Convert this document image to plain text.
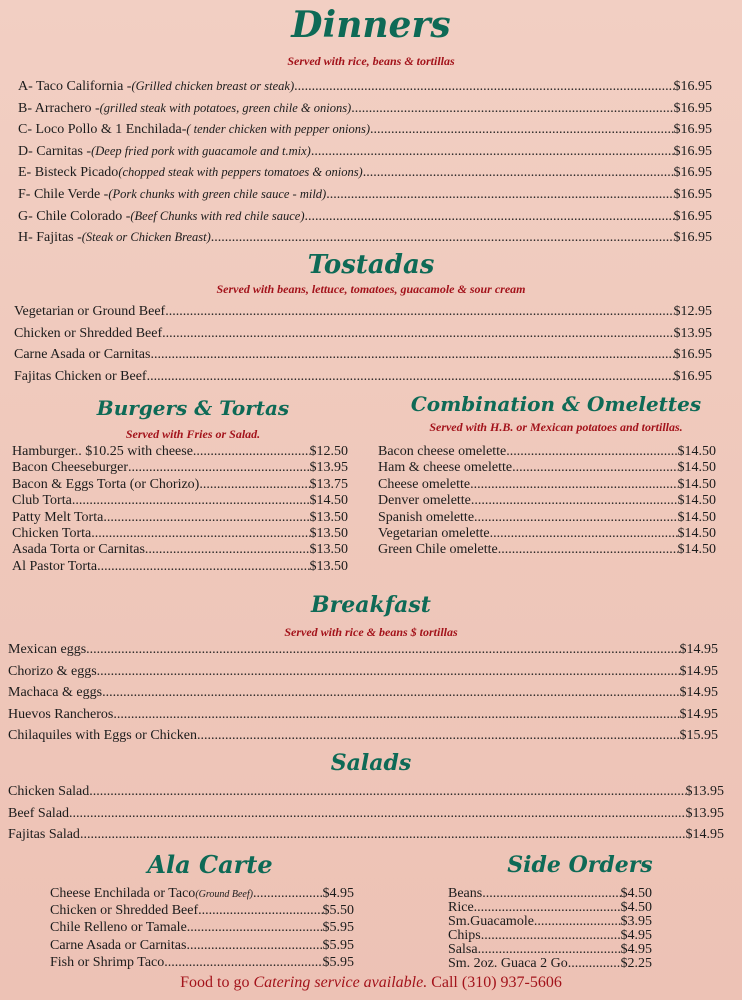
Dinners
Served with rice, beans & tortillas
A- Taco California - (Grilled chicken breast or steak) .....	$16.95
B- Arrachero - (grilled steak with potatoes, green chile & onions) .....	$16.95
C- Loco Pollo & 1 Enchilada- ( tender chicken with pepper onions) .....	$16.95
D- Carnitas - (Deep fried pork with guacamole and t.mix) .....	$16.95
E- Bisteck Picado (chopped steak with peppers tomatoes & onions) .....	$16.95
F- Chile Verde - (Pork chunks with green chile sauce - mild) .....	$16.95
G- Chile Colorado - (Beef Chunks with red chile sauce) .....	$16.95
H- Fajitas - (Steak or Chicken Breast) .....	$16.95
Tostadas
Served with beans, lettuce, tomatoes, guacamole & sour cream
Vegetarian or Ground Beef .....	$12.95
Chicken or Shredded Beef .....	$13.95
Carne Asada or Carnitas .....	$16.95
Fajitas Chicken or Beef .....	$16.95
Burgers & Tortas
Served with Fries or Salad.
Hamburger.. $10.25 with cheese .....	$12.50
Bacon Cheeseburger .....	$13.95
Bacon & Eggs Torta (or Chorizo) .....	$13.75
Club Torta .....	$14.50
Patty Melt Torta .....	$13.50
Chicken Torta .....	$13.50
Asada Torta or Carnitas .....	$13.50
Al Pastor Torta .....	$13.50
Combination & Omelettes
Served with H.B. or Mexican potatoes and tortillas.
Bacon cheese omelette .....	$14.50
Ham & cheese omelette .....	$14.50
Cheese omelette .....	$14.50
Denver omelette .....	$14.50
Spanish omelette .....	$14.50
Vegetarian omelette .....	$14.50
Green Chile omelette .....	$14.50
Breakfast
Served with rice & beans $ tortillas
Mexican eggs .....	$14.95
Chorizo & eggs .....	$14.95
Machaca & eggs .....	$14.95
Huevos Rancheros .....	$14.95
Chilaquiles with Eggs or Chicken .....	$15.95
Salads
Chicken Salad .....	$13.95
Beef Salad .....	$13.95
Fajitas Salad .....	$14.95
Ala Carte
Cheese Enchilada or Taco (Ground Beef) .....	$4.95
Chicken or Shredded Beef .....	$5.50
Chile Relleno or Tamale .....	$5.95
Carne Asada or Carnitas .....	$5.95
Fish or Shrimp Taco .....	$5.95
Side Orders
Beans .....	$4.50
Rice .....	$4.50
Sm.Guacamole .....	$3.95
Chips .....	$4.95
Salsa .....	$4.95
Sm. 2oz. Guaca 2 Go .....	$2.25
Food to go Catering service available. Call (310) 937-5606
